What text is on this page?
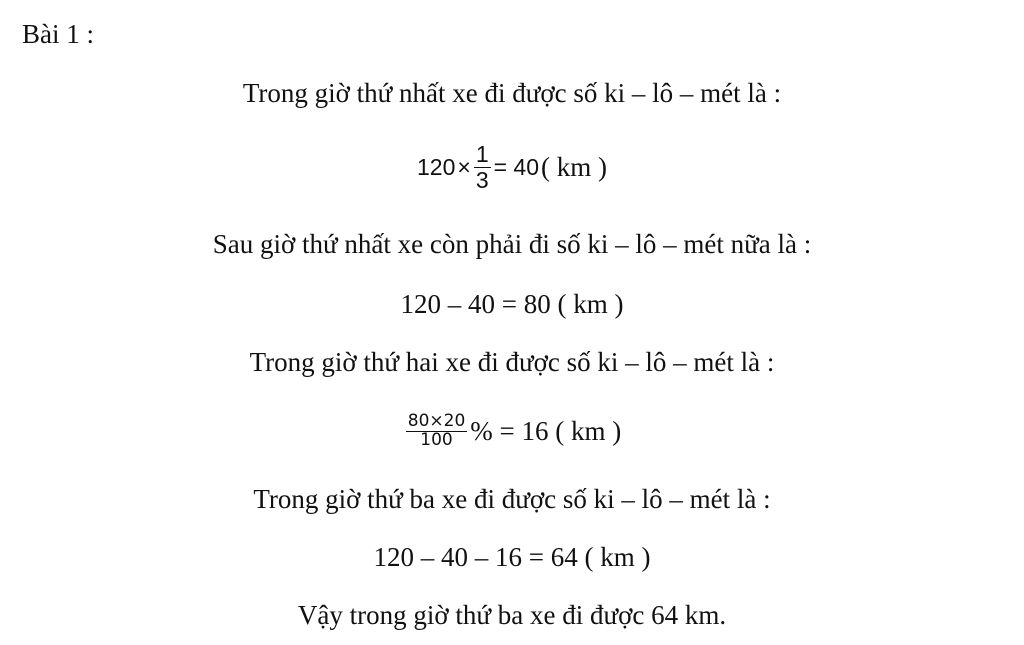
Bài 1 :
Trong giờ thứ nhất xe đi được số ki – lô – mét là :
$120 \times \frac{1}{3} = 40$ ( km )
Sau giờ thứ nhất xe còn phải đi số ki – lô – mét nữa là :
120 – 40 = 80 ( km )
Trong giờ thứ hai xe đi được số ki – lô – mét là :
$\frac{80\times 20}{100}$ % = 16 ( km )
Trong giờ thứ ba xe đi được số ki – lô – mét là :
120 – 40 – 16 = 64 ( km )
Vậy trong giờ thứ ba xe đi được 64 km.
